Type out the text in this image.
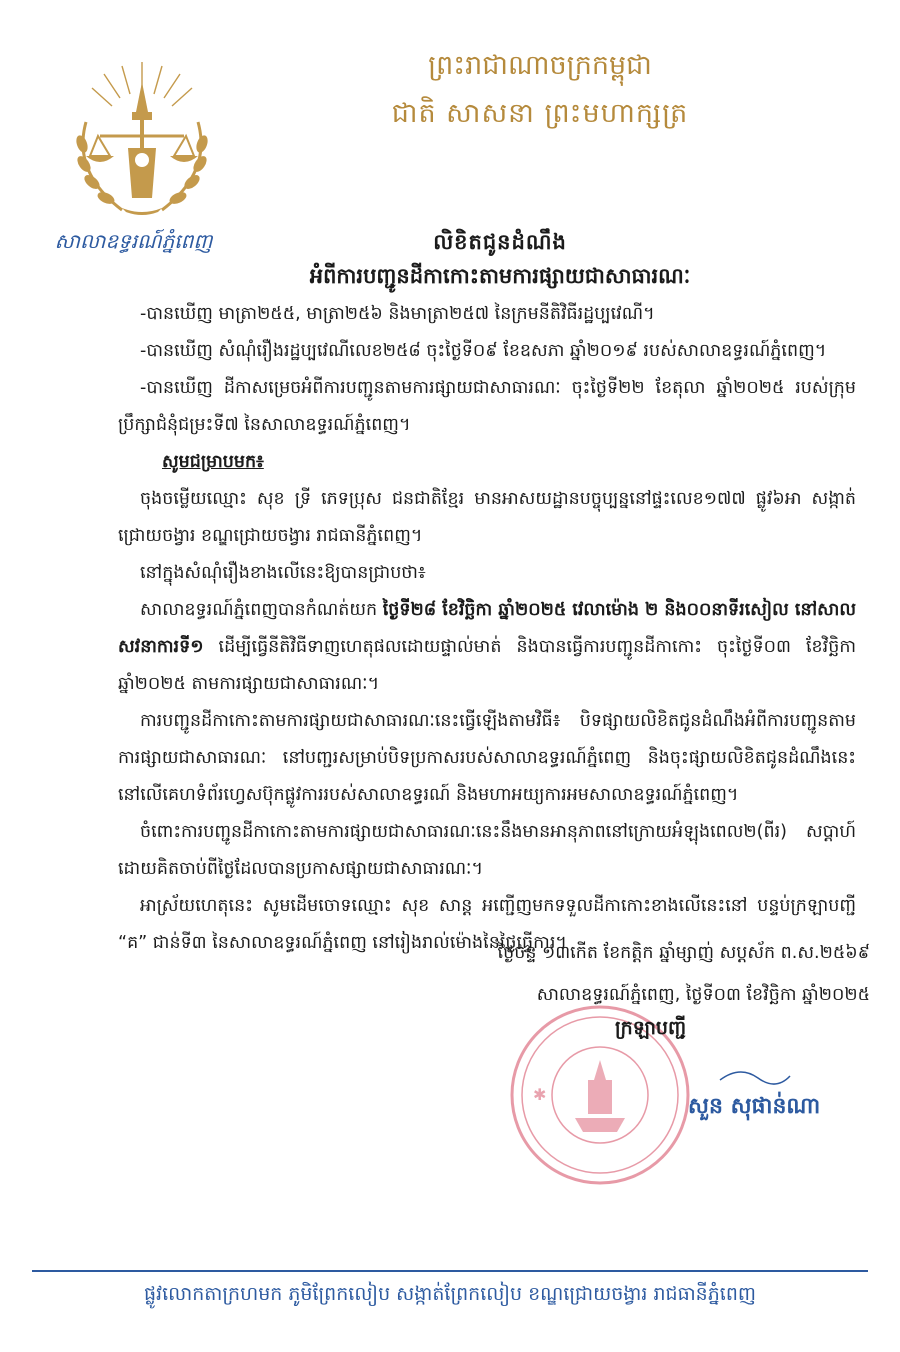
ព្រះរាជាណាចក្រកម្ពុជា
ជាតិ សាសនា ព្រះមហាក្សត្រ
សាលាឧទ្ធរណ៍ភ្នំពេញ	លិខិតជូនដំណឹង
អំពីការបញ្ជូនដីកាកោះតាមការផ្សាយជាសាធារណៈ

-បានឃើញ មាត្រា២៥៥, មាត្រា២៥៦ និងមាត្រា២៥៧ នៃក្រមនីតិវិធីរដ្ឋប្បវេណី។

-បានឃើញ សំណុំរឿងរដ្ឋប្បវេណីលេខ២៥៨ ចុះថ្ងៃទី០៩ ខែឧសភា ឆ្នាំ២០១៩ របស់សាលាឧទ្ធរណ៍ភ្នំពេញ។

-បានឃើញ ដីកាសម្រេចអំពីការបញ្ជូនតាមការផ្សាយជាសាធារណៈ ចុះថ្ងៃទី២២ ខែតុលា ឆ្នាំ២០២៥ របស់ក្រុមប្រឹក្សាជំនុំជម្រះទី៧ នៃសាលាឧទ្ធរណ៍ភ្នំពេញ។

សូមជម្រាបមក៖

ចុងចម្លើយឈ្មោះ សុខ ទ្រី ភេទប្រុស ជនជាតិខ្មែរ មានអាសយដ្ឋានបច្ចុប្បន្ននៅផ្ទះលេខ១៧៧ ផ្លូវ៦អា សង្កាត់ជ្រោយចង្វារ ខណ្ឌជ្រោយចង្វារ រាជធានីភ្នំពេញ។

នៅក្នុងសំណុំរឿងខាងលើនេះឱ្យបានជ្រាបថា៖

សាលាឧទ្ធរណ៍ភ្នំពេញបានកំណត់យក ថ្ងៃទី២៨ ខែវិច្ឆិកា ឆ្នាំ២០២៥ វេលាម៉ោង ២ និង០០នាទីរសៀល នៅសាលសវនាការទី១ ដើម្បីធ្វើនីតិវិធីទាញហេតុផលដោយផ្ទាល់មាត់ និងបានធ្វើការបញ្ជូនដីកាកោះ ចុះថ្ងៃទី០៣ ខែវិច្ឆិកា ឆ្នាំ២០២៥ តាមការផ្សាយជាសាធារណៈ។

ការបញ្ជូនដីកាកោះតាមការផ្សាយជាសាធារណៈនេះធ្វើឡើងតាមវិធី៖ បិទផ្សាយលិខិតជូនដំណឹងអំពីការបញ្ជូនតាមការផ្សាយជាសាធារណៈ នៅបញ្ជរសម្រាប់បិទប្រកាសរបស់សាលាឧទ្ធរណ៍ភ្នំពេញ និងចុះផ្សាយលិខិតជូនដំណឹងនេះនៅលើគេហទំព័រហ្វេសប៊ុកផ្លូវការរបស់សាលាឧទ្ធរណ៍ និងមហាអយ្យការអមសាលាឧទ្ធរណ៍ភ្នំពេញ។

ចំពោះការបញ្ជូនដីកាកោះតាមការផ្សាយជាសាធារណៈនេះនឹងមានអានុភាពនៅក្រោយអំឡុងពេល២(ពីរ) សប្តាហ៍ ដោយគិតចាប់ពីថ្ងៃដែលបានប្រកាសផ្សាយជាសាធារណៈ។

អាស្រ័យហេតុនេះ សូមដើមចោទឈ្មោះ សុខ សាន្ត អញ្ជើញមកទទួលដីកាកោះខាងលើនេះនៅ បន្ទប់ក្រឡាបញ្ជី “គ” ជាន់ទី៣ នៃសាលាឧទ្ធរណ៍ភ្នំពេញ នៅរៀងរាល់ម៉ោងនៃថ្ងៃធ្វើការ។

ថ្ងៃចន្ទ ១៣កើត ខែកត្តិក ឆ្នាំម្សាញ់ សប្តស័ក ព.ស.២៥៦៩
សាលាឧទ្ធរណ៍ភ្នំពេញ, ថ្ងៃទី០៣ ខែវិច្ឆិកា ឆ្នាំ២០២៥
✱
ក្រឡាបញ្ជី
សួន សុផាន់ណា
ផ្លូវលោកតាក្រហមក ភូមិព្រែកលៀប សង្កាត់ព្រែកលៀប ខណ្ឌជ្រោយចង្វារ រាជធានីភ្នំពេញ
